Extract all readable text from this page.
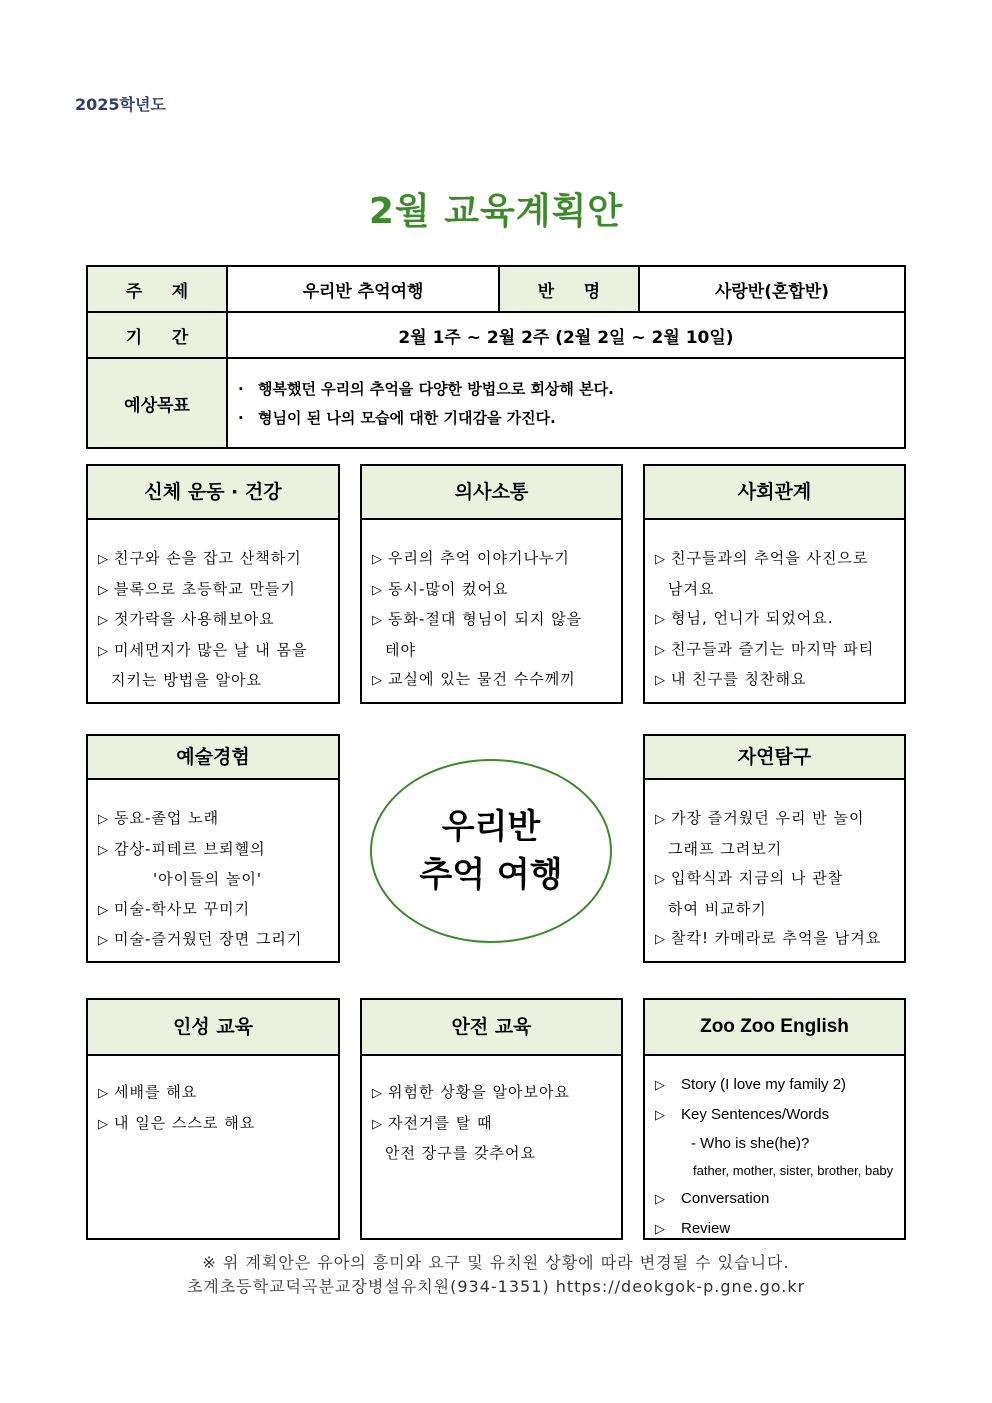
2025학년도
2월 교육계획안
주     제	우리반 추억여행	반     명	사랑반(혼합반)
기     간	2월 1주 ~ 2월 2주 (2월 2일 ~ 2월 10일)		
예상목표	· 행복했던 우리의 추억을 다양한 방법으로 회상해 본다.
· 형님이 된 나의 모습에 대한 기대감을 가진다.		
신체 운동 · 건강
▷ 친구와 손을 잡고 산책하기
▷ 블록으로 초등학교 만들기
▷ 젓가락을 사용해보아요
▷ 미세먼지가 많은 날 내 몸을
지키는 방법을 알아요
의사소통
▷ 우리의 추억 이야기나누기
▷ 동시-많이 컸어요
▷ 동화-절대 형님이 되지 않을
테야
▷ 교실에 있는 물건 수수께끼
사회관계
▷ 친구들과의 추억을 사진으로
남겨요
▷ 형님, 언니가 되었어요.
▷ 친구들과 즐기는 마지막 파티
▷ 내 친구를 칭찬해요
예술경험
▷ 동요-졸업 노래
▷ 감상-피테르 브뢰헬의
'아이들의 놀이'
▷ 미술-학사모 꾸미기
▷ 미술-즐거웠던 장면 그리기
우리반
추억 여행
자연탐구
▷ 가장 즐거웠던 우리 반 놀이
그래프 그려보기
▷ 입학식과 지금의 나 관찰
하여 비교하기
▷ 찰칵! 카메라로 추억을 남겨요
인성 교육
▷ 세배를 해요
▷ 내 일은 스스로 해요
안전 교육
▷ 위험한 상황을 알아보아요
▷ 자전거를 탈 때
안전 장구를 갖추어요
Zoo Zoo English
▷ Story (I love my family 2)
▷ Key Sentences/Words
- Who is she(he)?
father, mother, sister, brother, baby
▷ Conversation
▷ Review
※ 위 계획안은 유아의 흥미와 요구 및 유치원 상황에 따라 변경될 수 있습니다.
초계초등학교덕곡분교장병설유치원(934-1351) https://deokgok-p.gne.go.kr
